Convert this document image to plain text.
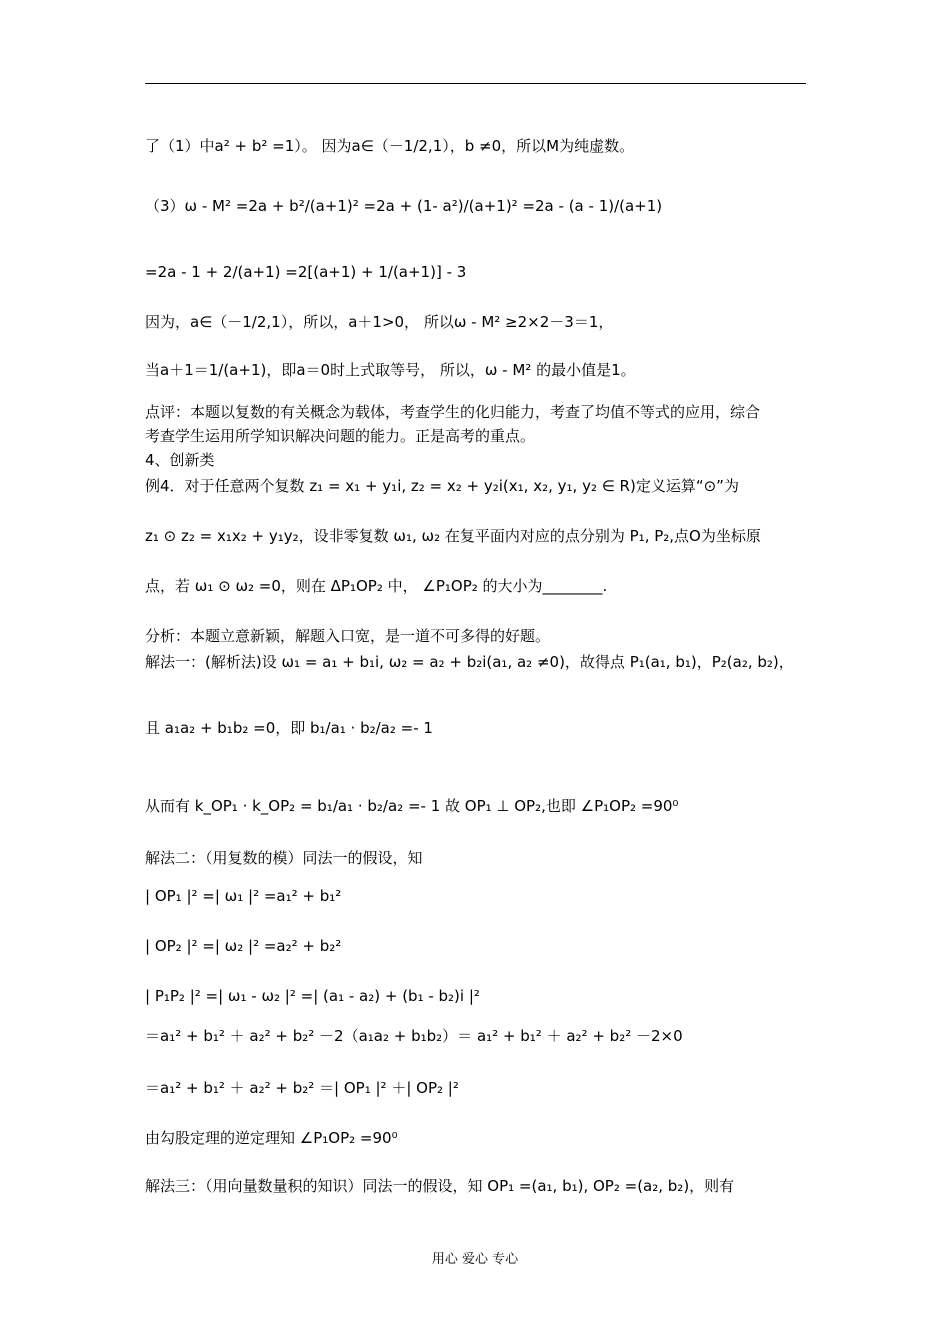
了（1）中a² + b² =1）。 因为a∈（－1/2,1），b ≠0，所以M为纯虚数。
（3）ω - M² =2a + b²/(a+1)² =2a + (1- a²)/(a+1)² =2a - (a - 1)/(a+1)
=2a - 1 + 2/(a+1) =2[(a+1) + 1/(a+1)] - 3
因为，a∈（－1/2,1），所以，a＋1>0， 所以ω - M² ≥2×2－3＝1，
当a＋1＝1/(a+1)，即a＝0时上式取等号， 所以，ω - M² 的最小值是1。
点评：本题以复数的有关概念为载体，考查学生的化归能力，考查了均值不等式的应用，综合
考查学生运用所学知识解决问题的能力。正是高考的重点。
4、创新类
例4．对于任意两个复数 z₁ = x₁ + y₁i, z₂ = x₂ + y₂i(x₁, x₂, y₁, y₂ ∈ R)定义运算“⊙”为
z₁ ⊙ z₂ = x₁x₂ + y₁y₂，设非零复数 ω₁, ω₂ 在复平面内对应的点分别为 P₁, P₂,点O为坐标原
点，若 ω₁ ⊙ ω₂ =0，则在 ΔP₁OP₂ 中， ∠P₁OP₂ 的大小为________.
分析：本题立意新颖，解题入口宽，是一道不可多得的好题。
解法一：(解析法)设 ω₁ = a₁ + b₁i, ω₂ = a₂ + b₂i(a₁, a₂ ≠0)，故得点 P₁(a₁, b₁)，P₂(a₂, b₂)，
且 a₁a₂ + b₁b₂ =0，即 b₁/a₁ · b₂/a₂ =- 1
从而有 k_OP₁ · k_OP₂ = b₁/a₁ · b₂/a₂ =- 1 故 OP₁ ⊥ OP₂,也即 ∠P₁OP₂ =90⁰
解法二：（用复数的模）同法一的假设，知
| OP₁ |² =| ω₁ |² =a₁² + b₁²
| OP₂ |² =| ω₂ |² =a₂² + b₂²
| P₁P₂ |² =| ω₁ - ω₂ |² =| (a₁ - a₂) + (b₁ - b₂)i |²
＝a₁² + b₁² ＋ a₂² + b₂² －2（a₁a₂ + b₁b₂）＝ a₁² + b₁² ＋ a₂² + b₂² －2×0
＝a₁² + b₁² ＋ a₂² + b₂² ＝| OP₁ |² ＋| OP₂ |²
由勾股定理的逆定理知 ∠P₁OP₂ =90⁰
解法三：（用向量数量积的知识）同法一的假设，知 OP₁ =(a₁, b₁), OP₂ =(a₂, b₂)，则有
用心 爱心 专心
